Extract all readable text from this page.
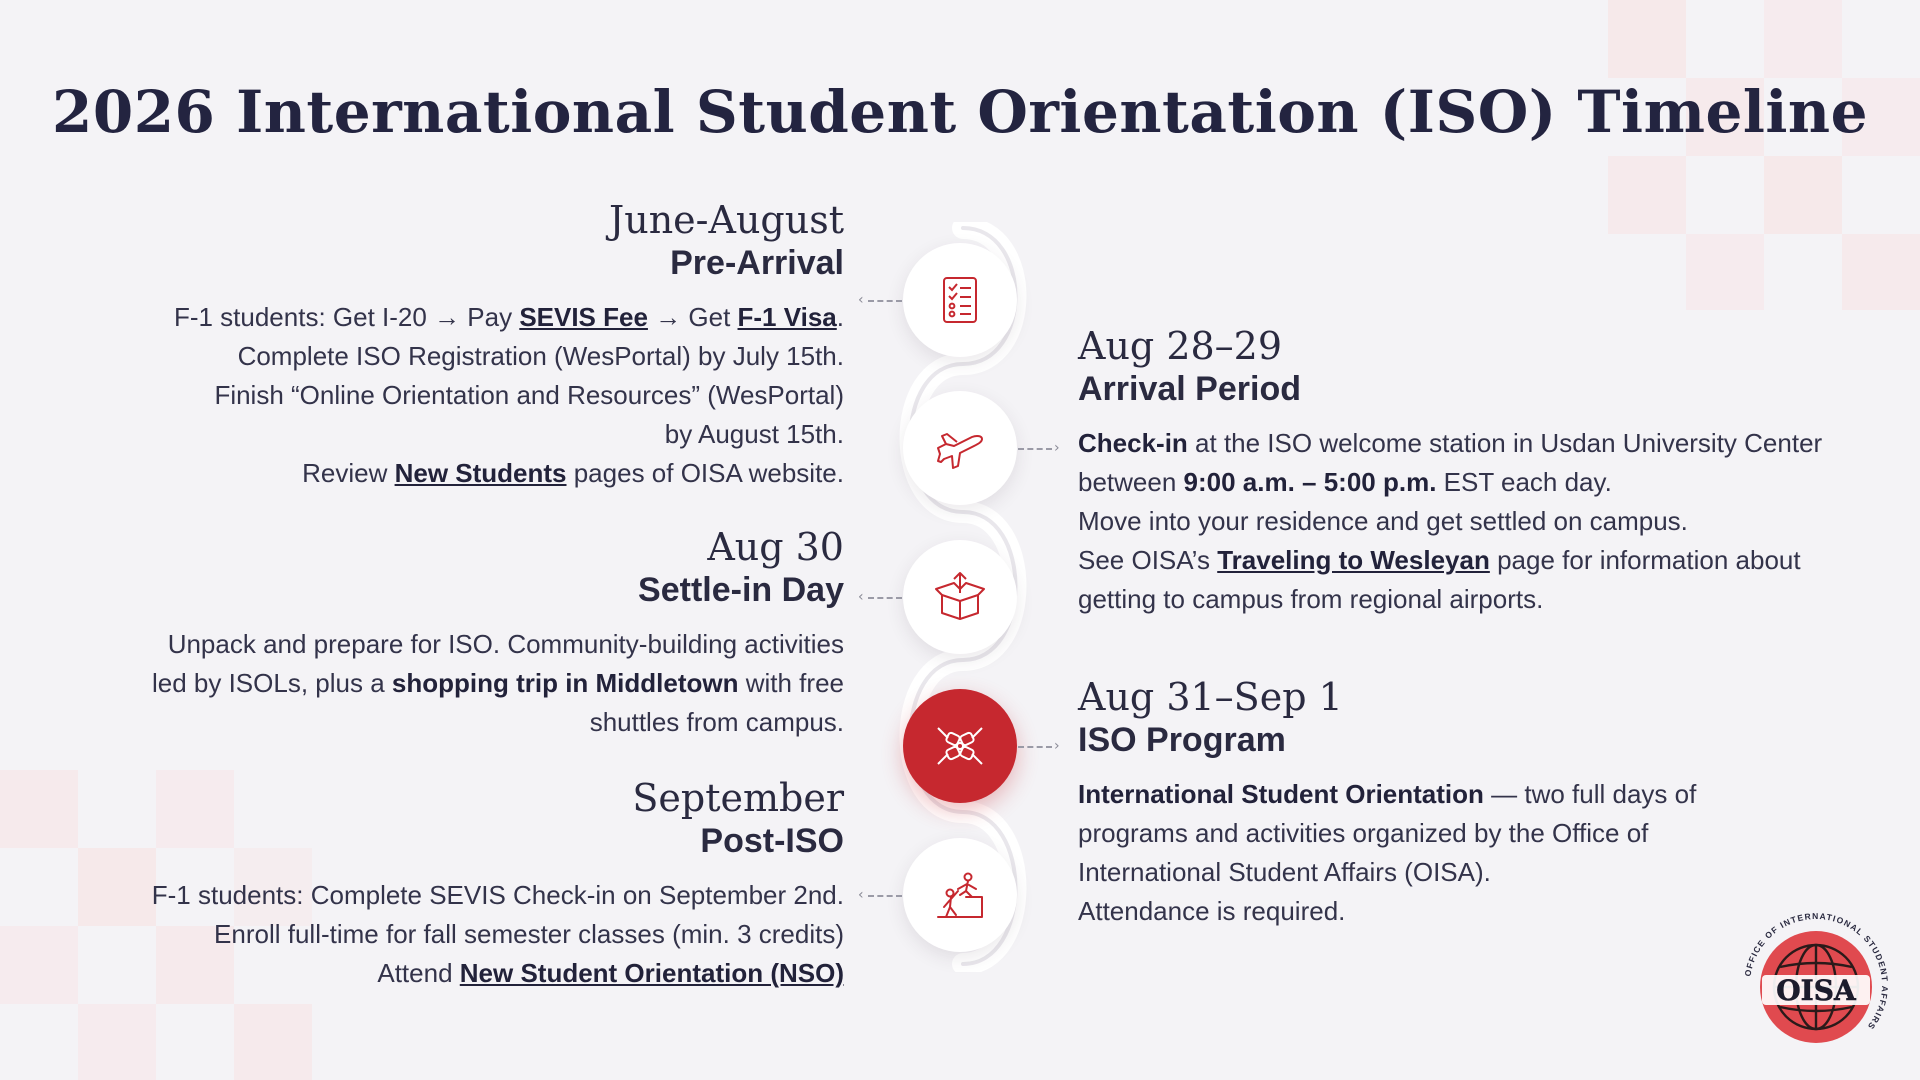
2026 International Student Orientation (ISO) Timeline
‹
›
‹
›
‹
June-August
Pre-Arrival
F-1 students: Get I-20 → Pay SEVIS Fee → Get F-1 Visa.
Complete ISO Registration (WesPortal) by July 15th.
Finish “Online Orientation and Resources” (WesPortal)
by August 15th.
Review New Students pages of OISA website.
Aug 28–29
Arrival Period
Check-in at the ISO welcome station in Usdan University Center
between 9:00 a.m. – 5:00 p.m. EST each day.
Move into your residence and get settled on campus.
See OISA’s Traveling to Wesleyan page for information about
getting to campus from regional airports.
Aug 30
Settle-in Day
Unpack and prepare for ISO. Community-building activities
led by ISOLs, plus a shopping trip in Middletown with free
shuttles from campus.
Aug 31–Sep 1
ISO Program
International Student Orientation — two full days of
programs and activities organized by the Office of
International Student Affairs (OISA).
Attendance is required.
September
Post-ISO
F-1 students: Complete SEVIS Check-in on September 2nd.
Enroll full-time for fall semester classes (min. 3 credits)
Attend New Student Orientation (NSO)	OFFICE OF INTERNATIONAL STUDENT AFFAIRS
OISA
